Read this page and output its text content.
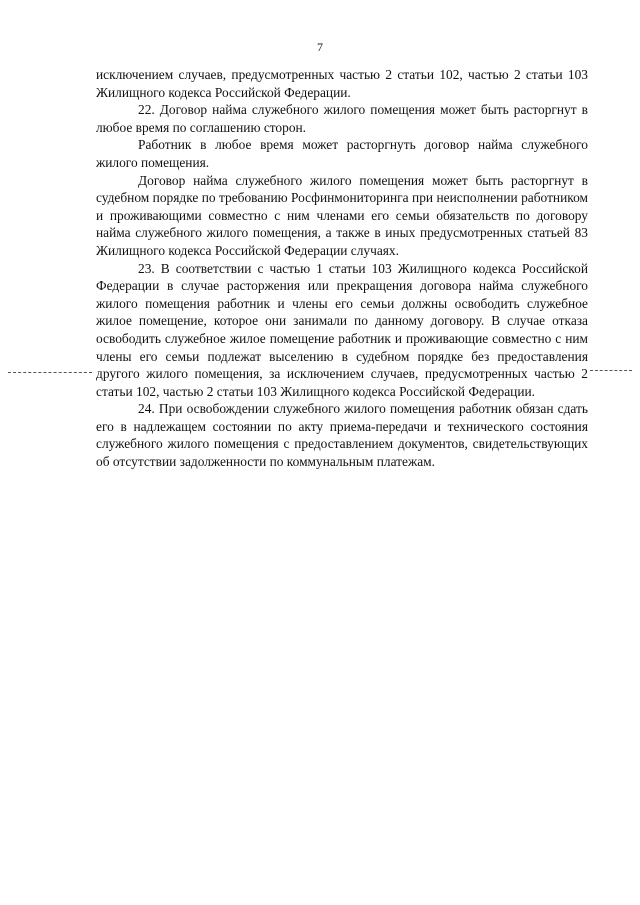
7

исключением случаев, предусмотренных частью 2 статьи 102, частью 2 статьи 103 Жилищного кодекса Российской Федерации.

22. Договор найма служебного жилого помещения может быть расторгнут в любое время по соглашению сторон.

Работник в любое время может расторгнуть договор найма служебного жилого помещения.

Договор найма служебного жилого помещения может быть расторгнут в судебном порядке по требованию Росфинмониторинга при неисполнении работником и проживающими совместно с ним членами его семьи обязательств по договору найма служебного жилого помещения, а также в иных предусмотренных статьей 83 Жилищного кодекса Российской Федерации случаях.

23. В соответствии с частью 1 статьи 103 Жилищного кодекса Российской Федерации в случае расторжения или прекращения договора найма служебного жилого помещения работник и члены его семьи должны освободить служебное жилое помещение, которое они занимали по данному договору. В случае отказа освободить служебное жилое помещение работник и проживающие совместно с ним члены его семьи подлежат выселению в судебном порядке без предоставления другого жилого помещения, за исключением случаев, предусмотренных частью 2 статьи 102, частью 2 статьи 103 Жилищного кодекса Российской Федерации.

24. При освобождении служебного жилого помещения работник обязан сдать его в надлежащем состоянии по акту приема-передачи и технического состояния служебного жилого помещения с предоставлением документов, свидетельствующих об отсутствии задолженности по коммунальным платежам.
